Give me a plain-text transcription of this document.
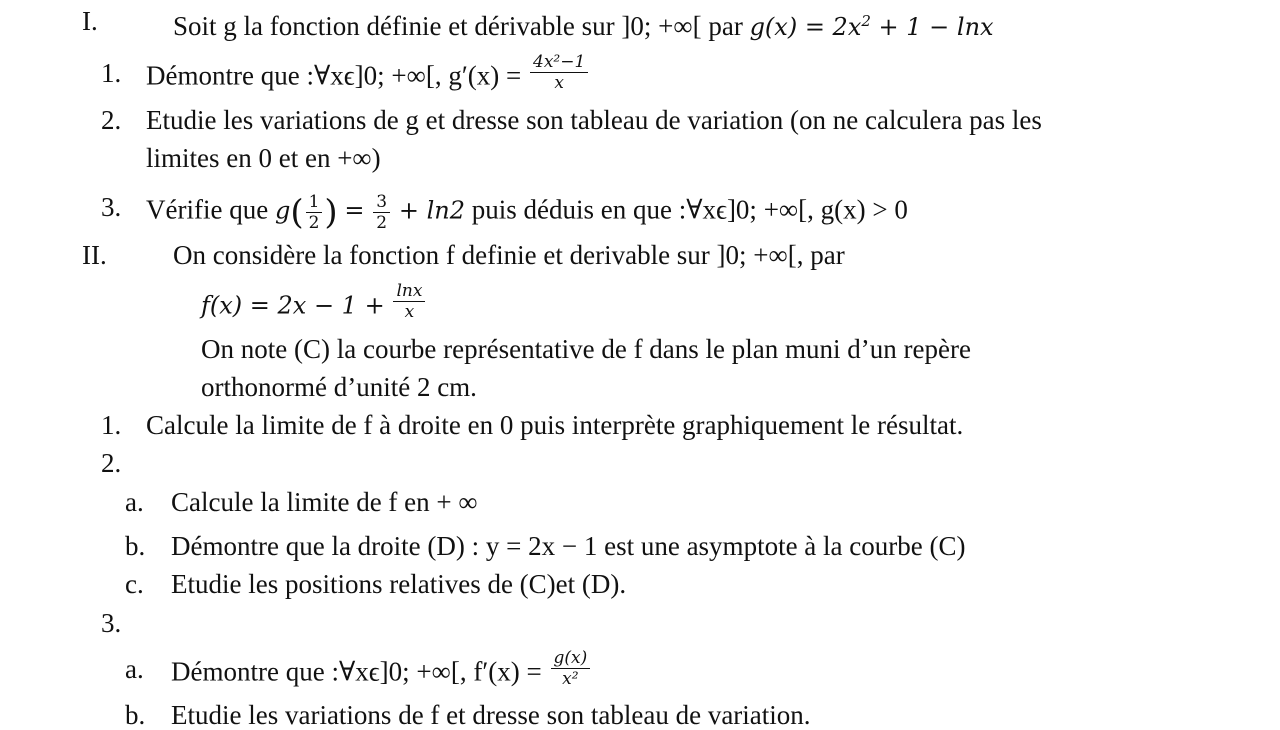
I.	Soit g la fonction définie et dérivable sur ]0; +∞[ par $g(x) = 2x^2 + 1 - \ln x$
1. Démontre que :∀xϵ]0; +∞[, $g'(x) = \frac{\text{4x²−1}}{x}$
2. Etudie les variations de g et dresse son tableau de variation (on ne calculera pas les
limites en 0 et en +∞)
3. Vérifie que $g( \frac{1}{2}$ ) = $\frac{3}{2} + \ln 2$ puis déduis en que :∀xϵ]0; +∞[, g(x) > 0
II. On considère la fonction f definie et derivable sur ]0; +∞[, par
$f(x) = 2x - 1 + \frac{\ln x}{x}$
On note (C) la courbe représentative de f dans le plan muni d’un repère
orthonormé d’unité 2 cm.
1. Calcule la limite de f à droite en 0 puis interprète graphiquement le résultat.
2.
a. Calcule la limite de f en + ∞
b. Démontre que la droite (D) : y = 2x − 1 est une asymptote à la courbe (C)
c. Etudie les positions relatives de (C)et (D).
3.
a. Démontre que :∀xϵ]0; +∞[, $f'(x) = \frac{g(x)}{\text{x²}}$
b. Etudie les variations de f et dresse son tableau de variation.
